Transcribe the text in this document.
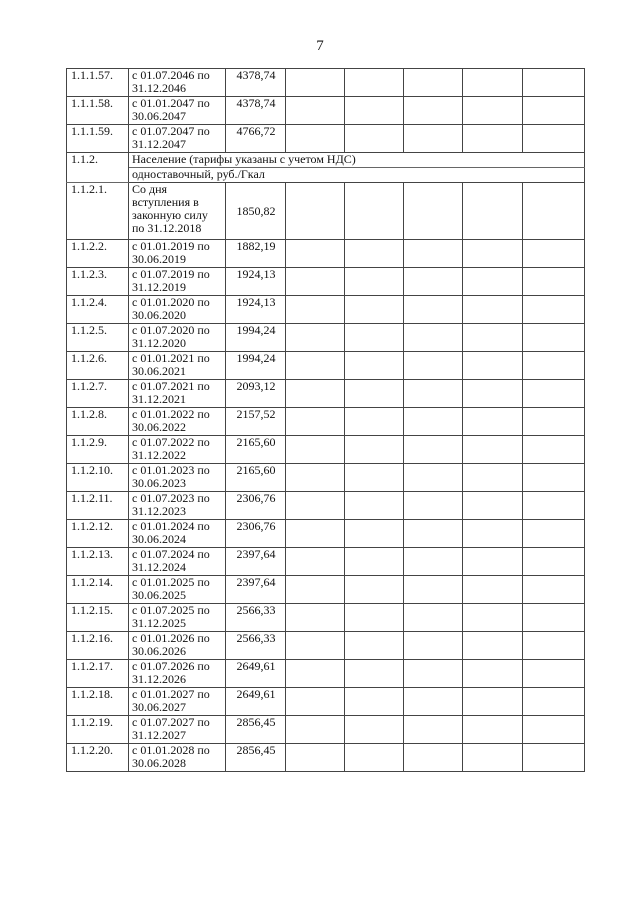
7
1.1.1.57.	с 01.07.2046 по 31.12.2046	4378,74					
1.1.1.58.	с 01.01.2047 по 30.06.2047	4378,74					
1.1.1.59.	с 01.07.2047 по 31.12.2047	4766,72					
1.1.2.	Население (тарифы указаны с учетом НДС)						
	одноставочный, руб./Гкал						
1.1.2.1.	Со дня вступления в законную силу по 31.12.2018	1850,82					
1.1.2.2.	с 01.01.2019 по 30.06.2019	1882,19					
1.1.2.3.	с 01.07.2019 по 31.12.2019	1924,13					
1.1.2.4.	с 01.01.2020 по 30.06.2020	1924,13					
1.1.2.5.	с 01.07.2020 по 31.12.2020	1994,24					
1.1.2.6.	с 01.01.2021 по 30.06.2021	1994,24					
1.1.2.7.	с 01.07.2021 по 31.12.2021	2093,12					
1.1.2.8.	с 01.01.2022 по 30.06.2022	2157,52					
1.1.2.9.	с 01.07.2022 по 31.12.2022	2165,60					
1.1.2.10.	с 01.01.2023 по 30.06.2023	2165,60					
1.1.2.11.	с 01.07.2023 по 31.12.2023	2306,76					
1.1.2.12.	с 01.01.2024 по 30.06.2024	2306,76					
1.1.2.13.	с 01.07.2024 по 31.12.2024	2397,64					
1.1.2.14.	с 01.01.2025 по 30.06.2025	2397,64					
1.1.2.15.	с 01.07.2025 по 31.12.2025	2566,33					
1.1.2.16.	с 01.01.2026 по 30.06.2026	2566,33					
1.1.2.17.	с 01.07.2026 по 31.12.2026	2649,61					
1.1.2.18.	с 01.01.2027 по 30.06.2027	2649,61					
1.1.2.19.	с 01.07.2027 по 31.12.2027	2856,45					
1.1.2.20.	с 01.01.2028 по 30.06.2028	2856,45					
